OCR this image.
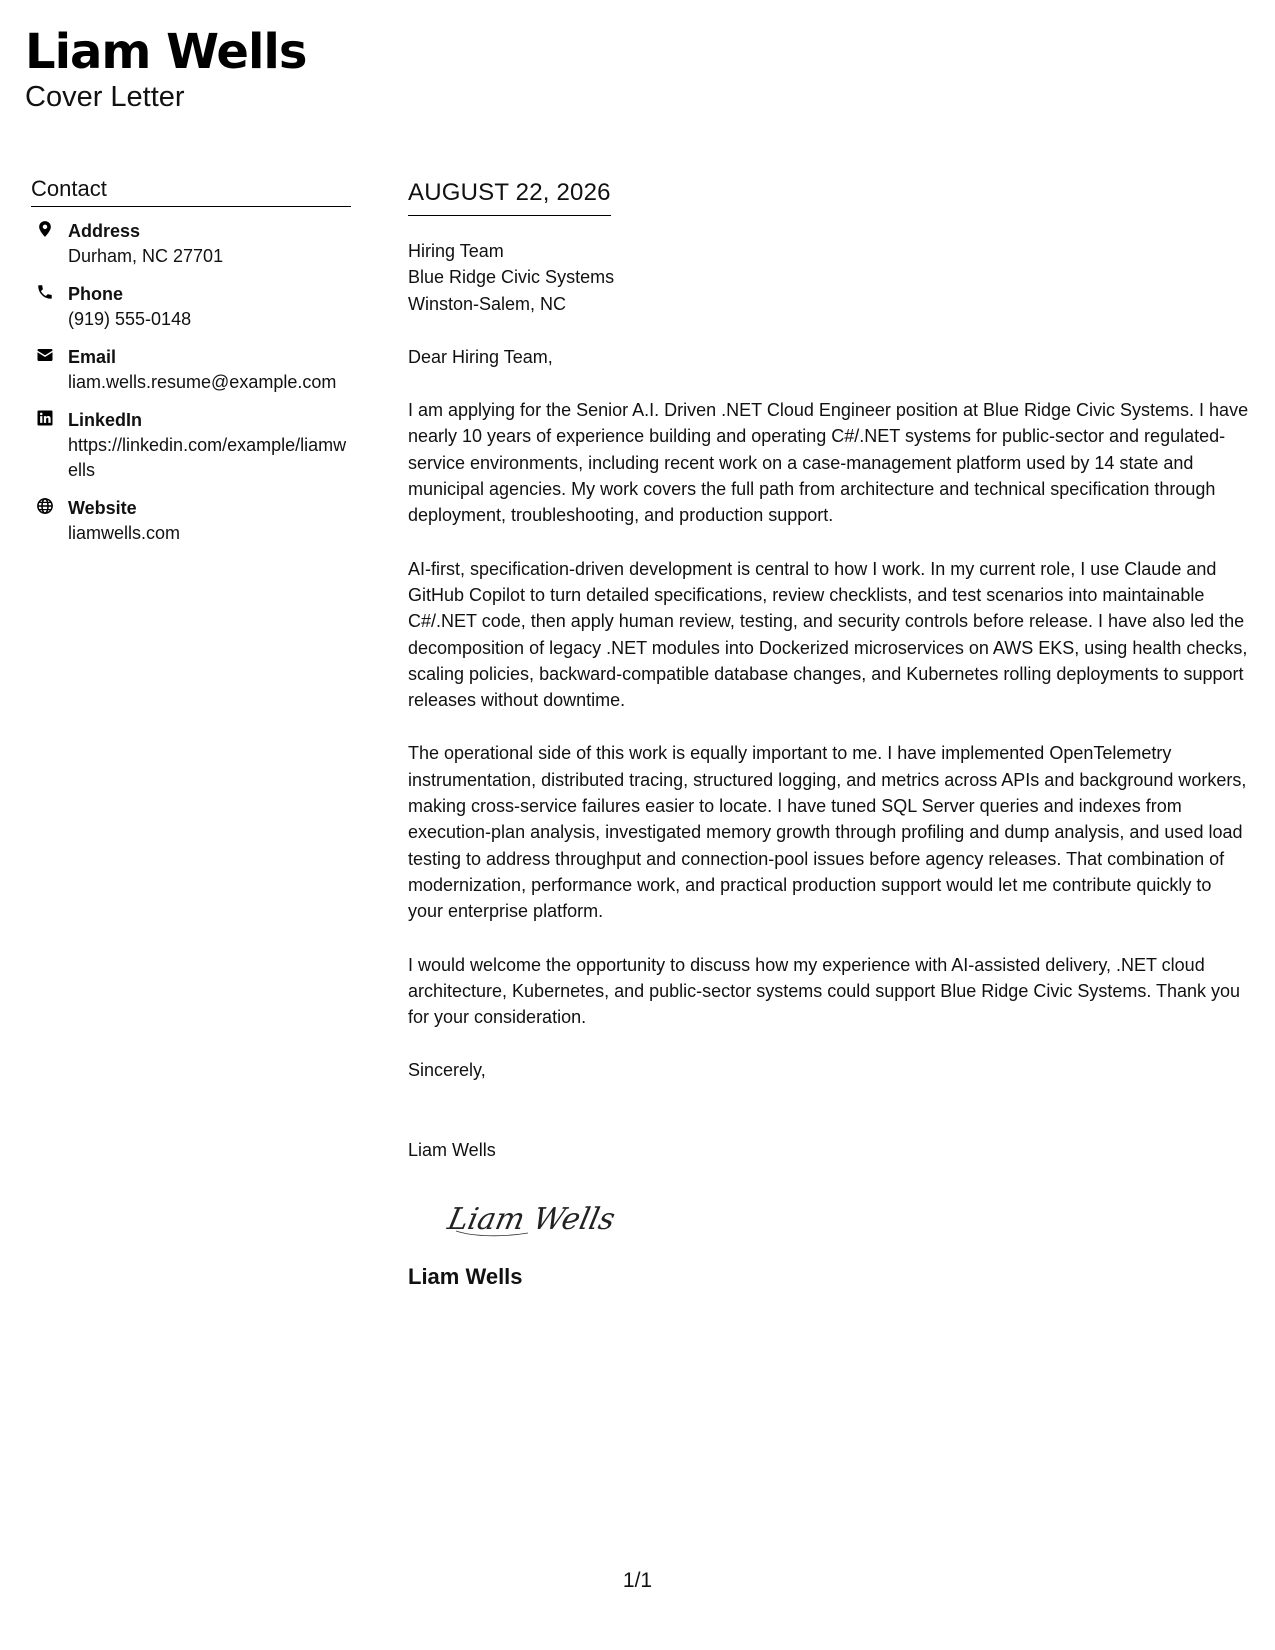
Liam Wells
Cover Letter
Contact
Address
Durham, NC 27701
Phone
(919) 555-0148
Email
liam.wells.resume@example.com
LinkedIn
https://linkedin.com/example/liamwells
Website
liamwells.com
AUGUST 22, 2026
Hiring Team
Blue Ridge Civic Systems
Winston-Salem, NC
Dear Hiring Team,
I am applying for the Senior A.I. Driven .NET Cloud Engineer position at Blue Ridge Civic Systems. I have nearly 10 years of experience building and operating C#/.NET systems for public-sector and regulated-service environments, including recent work on a case-management platform used by 14 state and municipal agencies. My work covers the full path from architecture and technical specification through deployment, troubleshooting, and production support.
AI-first, specification-driven development is central to how I work. In my current role, I use Claude and GitHub Copilot to turn detailed specifications, review checklists, and test scenarios into maintainable C#/.NET code, then apply human review, testing, and security controls before release. I have also led the decomposition of legacy .NET modules into Dockerized microservices on AWS EKS, using health checks, scaling policies, backward-compatible database changes, and Kubernetes rolling deployments to support releases without downtime.
The operational side of this work is equally important to me. I have implemented OpenTelemetry instrumentation, distributed tracing, structured logging, and metrics across APIs and background workers, making cross-service failures easier to locate. I have tuned SQL Server queries and indexes from execution-plan analysis, investigated memory growth through profiling and dump analysis, and used load testing to address throughput and connection-pool issues before agency releases. That combination of modernization, performance work, and practical production support would let me contribute quickly to your enterprise platform.
I would welcome the opportunity to discuss how my experience with AI-assisted delivery, .NET cloud architecture, Kubernetes, and public-sector systems could support Blue Ridge Civic Systems. Thank you for your consideration.
Sincerely,
Liam Wells
Liam Wells
Liam Wells
1/1
